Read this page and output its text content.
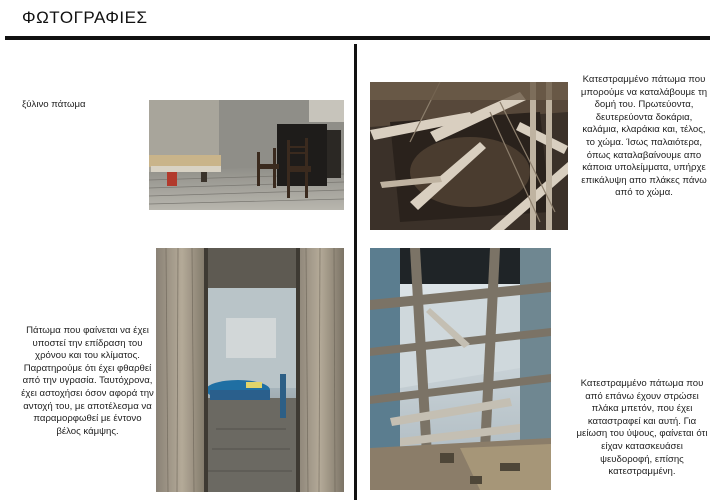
ΦΩΤΟΓΡΑΦΙΕΣ
ξύλινο πάτωμα
Πάτωμα που φαίνεται να έχει υποστεί την επίδραση του χρόνου και του κλίματος. Παρατηρούμε ότι έχει φθαρθεί από την υγρασία. Ταυτόχρονα, έχει αστοχήσει όσον αφορά την αντοχή του, με αποτέλεσμα να παραμορφωθεί με έντονο βέλος κάμψης.
Κατεστραμμένο πάτωμα που μπορούμε να καταλάβουμε τη δομή του. Πρωτεύοντα, δευτερεύοντα δοκάρια, καλάμια, κλαράκια και, τέλος, το χώμα. Ίσως παλαιότερα, όπως καταλαβαίνουμε απο κάποια υπολείμματα, υπήρχε επικάλυψη απο πλάκες πάνω από το χώμα.
Κατεστραμμένο πάτωμα που από επάνω έχουν στρώσει πλάκα μπετόν, που έχει καταστραφεί και αυτή. Για μείωση του ύψους, φαίνεται ότι είχαν κατασκευάσει ψευδοροφή, επίσης κατεστραμμένη.
